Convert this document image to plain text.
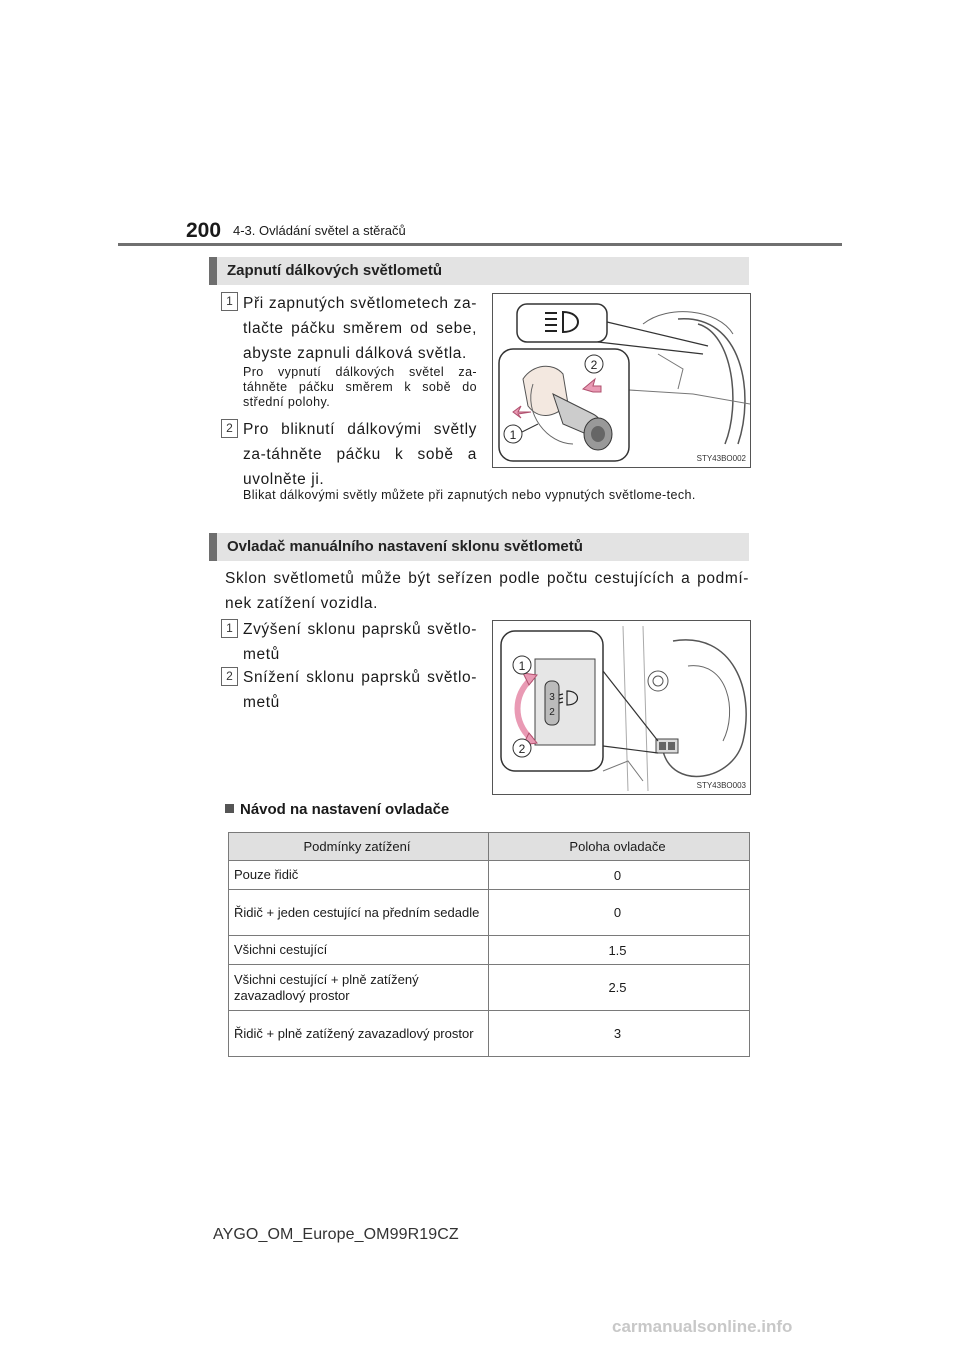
200 4-3. Ovládání světel a stěračů
Zapnutí dálkových světlometů
1 Při zapnutých světlometech za-tlačte páčku směrem od sebe, abyste zapnuli dálková světla.
Pro vypnutí dálkových světel za-táhněte páčku směrem k sobě do střední polohy.
2 Pro bliknutí dálkovými světly za-táhněte páčku k sobě a uvolněte ji.
Blikat dálkovými světly můžete při zapnutých nebo vypnutých světlome-tech.
2
1
STY43BO002
Ovladač manuálního nastavení sklonu světlometů
Sklon světlometů může být seřízen podle počtu cestujících a podmí-nek zatížení vozidla.
1 Zvýšení sklonu paprsků světlo-metů
2 Snížení sklonu paprsků světlo-metů	3
2
1
2
STY43BO003
Návod na nastavení ovladače
Podmínky zatížení	Poloha ovladače
Pouze řidič	0
Řidič + jeden cestující na předním sedadle	0
Všichni cestující	1.5
Všichni cestující + plně zatížený zavazadlový prostor	2.5
Řidič + plně zatížený zavazadlový prostor	3
AYGO_OM_Europe_OM99R19CZ
carmanualsonline.info
